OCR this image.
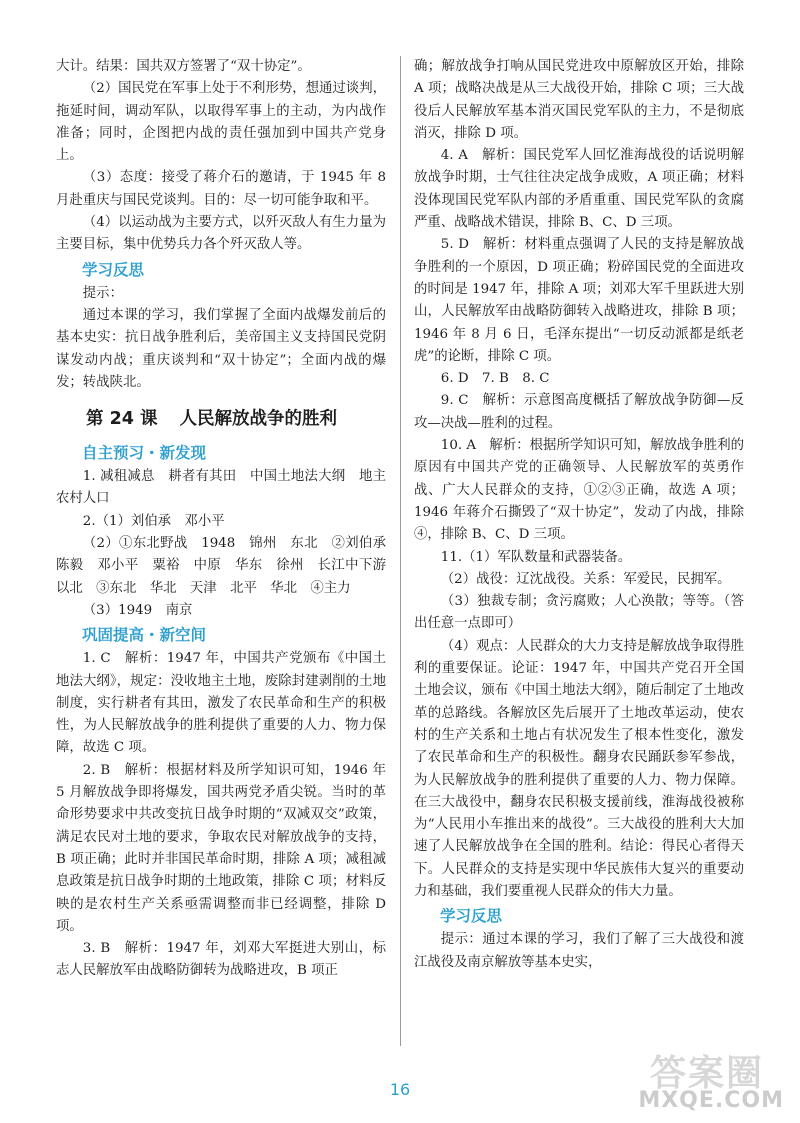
大计。结果：国共双方签署了“双十协定”。

（2）国民党在军事上处于不利形势，想通过谈判，拖延时间，调动军队，以取得军事上的主动，为内战作准备；同时，企图把内战的责任强加到中国共产党身上。

（3）态度：接受了蒋介石的邀请，于 1945 年 8 月赴重庆与国民党谈判。目的：尽一切可能争取和平。

（4）以运动战为主要方式，以歼灭敌人有生力量为主要目标，集中优势兵力各个歼灭敌人等。

学习反思

提示：

通过本课的学习，我们掌握了全面内战爆发前后的基本史实：抗日战争胜利后，美帝国主义支持国民党阴谋发动内战；重庆谈判和“双十协定”；全面内战的爆发；转战陕北。

第 24 课 人民解放战争的胜利

自主预习・新发现

1. 减租减息　耕者有其田　中国土地法大纲　地主　农村人口

2.（1）刘伯承　邓小平

（2）①东北野战　1948　锦州　东北　②刘伯承　陈毅　邓小平　粟裕　中原　华东　徐州　长江中下游以北　③东北　华北　天津　北平　华北　④主力

（3）1949　南京

巩固提高・新空间

1. C　解析：1947 年，中国共产党颁布《中国土地法大纲》，规定：没收地主土地，废除封建剥削的土地制度，实行耕者有其田，激发了农民革命和生产的积极性，为人民解放战争的胜利提供了重要的人力、物力保障，故选 C 项。

2. B　解析：根据材料及所学知识可知，1946 年 5 月解放战争即将爆发，国共两党矛盾尖锐。当时的革命形势要求中共改变抗日战争时期的“双减双交”政策，满足农民对土地的要求，争取农民对解放战争的支持，B 项正确；此时并非国民革命时期，排除 A 项；减租减息政策是抗日战争时期的土地政策，排除 C 项；材料反映的是农村生产关系亟需调整而非已经调整，排除 D 项。

3. B　解析：1947 年，刘邓大军挺进大别山，标志人民解放军由战略防御转为战略进攻，B 项正

确；解放战争打响从国民党进攻中原解放区开始，排除 A 项；战略决战是从三大战役开始，排除 C 项；三大战役后人民解放军基本消灭国民党军队的主力，不是彻底消灭，排除 D 项。

4. A　解析：国民党军人回忆淮海战役的话说明解放战争时期，士气往往决定战争成败，A 项正确；材料没体现国民党军队内部的矛盾重重、国民党军队的贪腐严重、战略战术错误，排除 B、C、D 三项。

5. D　解析：材料重点强调了人民的支持是解放战争胜利的一个原因，D 项正确；粉碎国民党的全面进攻的时间是 1947 年，排除 A 项；刘邓大军千里跃进大别山，人民解放军由战略防御转入战略进攻，排除 B 项；1946 年 8 月 6 日，毛泽东提出“一切反动派都是纸老虎”的论断，排除 C 项。

6. D　7. B　8. C

9. C　解析：示意图高度概括了解放战争防御—反攻—决战—胜利的过程。

10. A　解析：根据所学知识可知，解放战争胜利的原因有中国共产党的正确领导、人民解放军的英勇作战、广大人民群众的支持，①②③正确，故选 A 项；1946 年蒋介石撕毁了“双十协定”，发动了内战，排除④，排除 B、C、D 三项。

11.（1）军队数量和武器装备。

（2）战役：辽沈战役。关系：军爱民，民拥军。

（3）独裁专制；贪污腐败；人心涣散；等等。（答出任意一点即可）

（4）观点：人民群众的大力支持是解放战争取得胜利的重要保证。论证：1947 年，中国共产党召开全国土地会议，颁布《中国土地法大纲》，随后制定了土地改革的总路线。各解放区先后展开了土地改革运动，使农村的生产关系和土地占有状况发生了根本性变化，激发了农民革命和生产的积极性。翻身农民踊跃参军参战，为人民解放战争的胜利提供了重要的人力、物力保障。在三大战役中，翻身农民积极支援前线，淮海战役被称为“人民用小车推出来的战役”。三大战役的胜利大大加速了人民解放战争在全国的胜利。结论：得民心者得天下。人民群众的支持是实现中华民族伟大复兴的重要动力和基础，我们要重视人民群众的伟大力量。

学习反思

提示：通过本课的学习，我们了解了三大战役和渡江战役及南京解放等基本史实，

16	答案圈
MXQE.COM
